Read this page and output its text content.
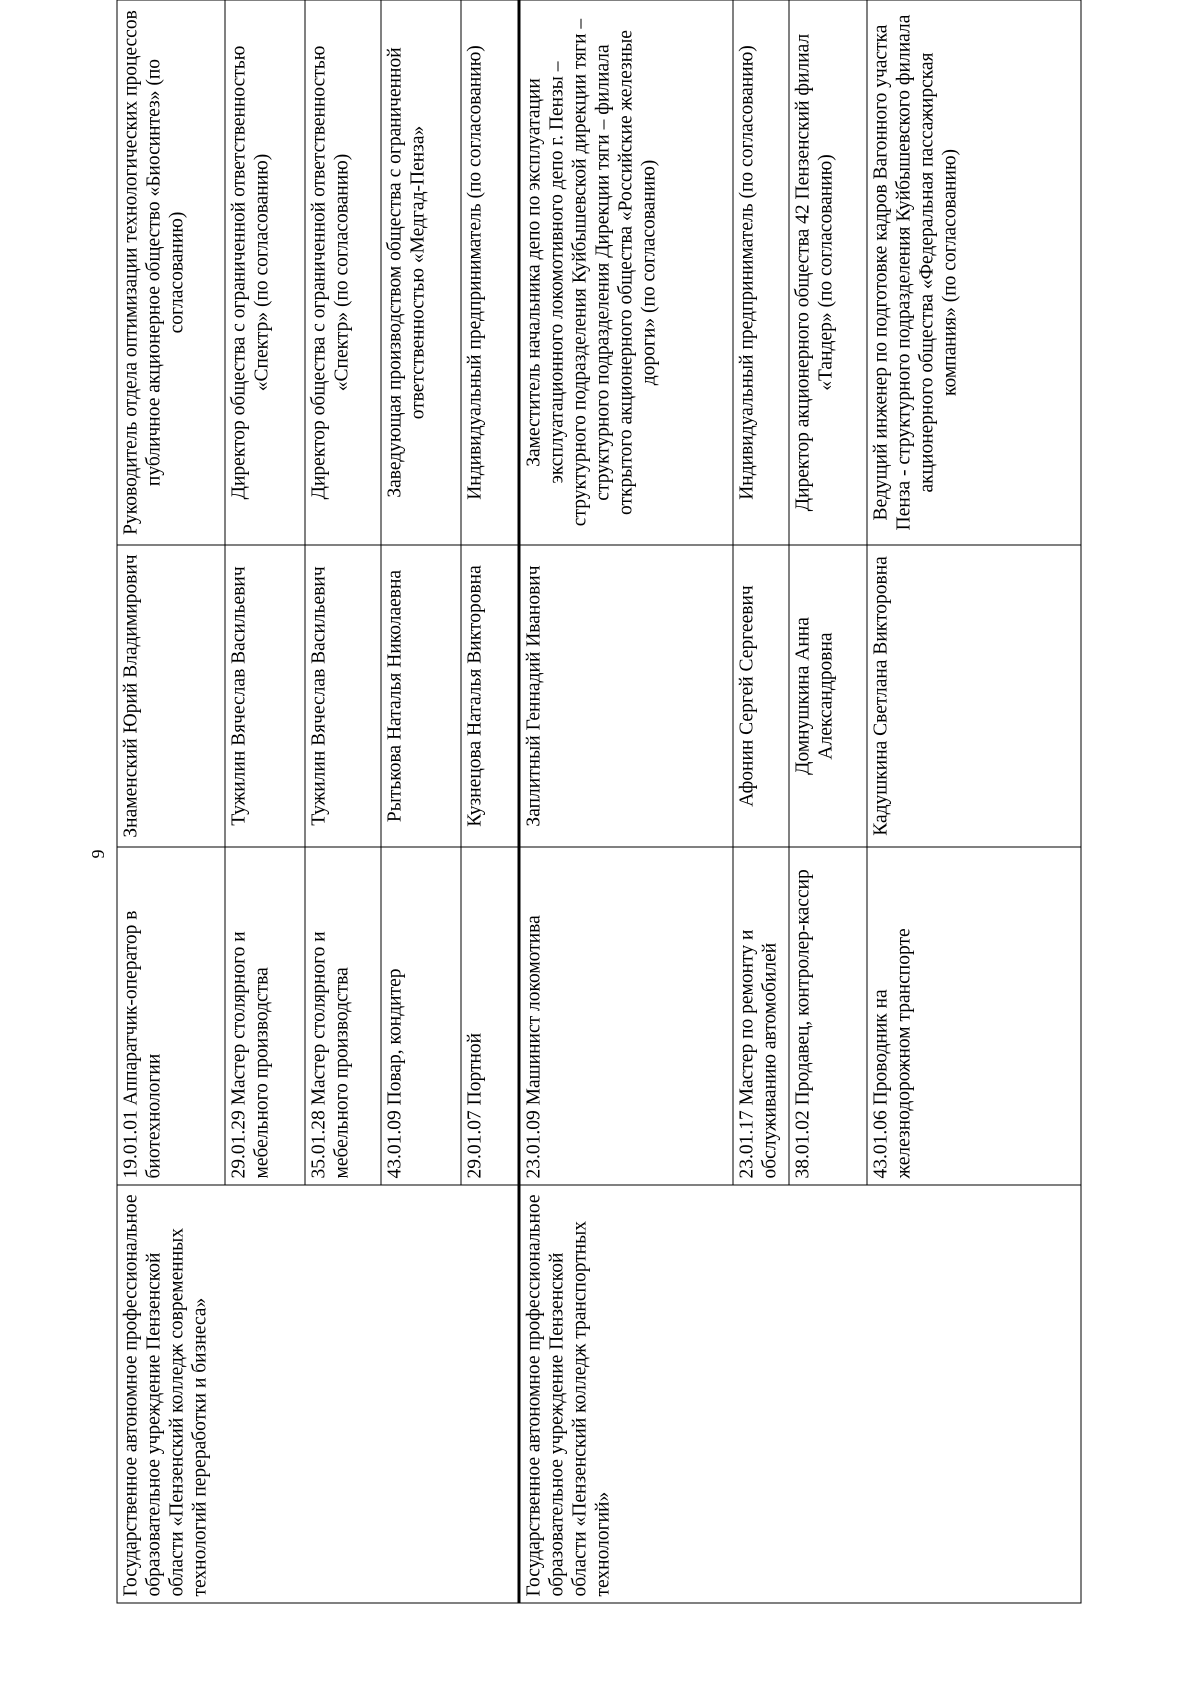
9
Государственное автономное профессиональное образовательное учреждение Пензенской области «Пензенский колледж современных технологий переработки и бизнеса»	19.01.01 Аппаратчик-оператор в биотехнологии	Знаменский Юрий Владимирович	Руководитель отдела оптимизации технологических процессов публичное акционерное общество «Биосинтез» (по согласованию)
	29.01.29 Мастер столярного и мебельного производства	Тужилин Вячеслав Васильевич	Директор общества с ограниченной ответственностью «Спектр» (по согласованию)
	35.01.28 Мастер столярного и мебельного производства	Тужилин Вячеслав Васильевич	Директор общества с ограниченной ответственностью «Спектр» (по согласованию)
	43.01.09 Повар, кондитер	Рытькова Наталья Николаевна	Заведующая производством общества с ограниченной ответственностью «Медгад-Пенза»
	29.01.07 Портной	Кузнецова Наталья Викторовна	Индивидуальный предприниматель (по согласованию)
Государственное автономное профессиональное образовательное учреждение Пензенской области «Пензенский колледж транспортных технологий»	23.01.09 Машинист локомотива	Заплитный Геннадий Иванович	Заместитель начальника депо по эксплуатации эксплуатационного локомотивного депо г. Пензы – структурного подразделения Куйбышевской дирекции тяги – структурного подразделения Дирекции тяги – филиала открытого акционерного общества «Российские железные дороги» (по согласованию)
	23.01.17 Мастер по ремонту и обслуживанию автомобилей	Афонин Сергей Сергеевич	Индивидуальный предприниматель (по согласованию)
	38.01.02 Продавец, контролер-кассир	Домнушкина Анна Александровна	Директор акционерного общества 42 Пензенский филиал «Тандер» (по согласованию)
	43.01.06 Проводник на железнодорожном транспорте	Кадушкина Светлана Викторовна	Ведущий инженер по подготовке кадров Вагонного участка Пенза - структурного подразделения Куйбышевского филиала акционерного общества «Федеральная пассажирская компания» (по согласованию)
